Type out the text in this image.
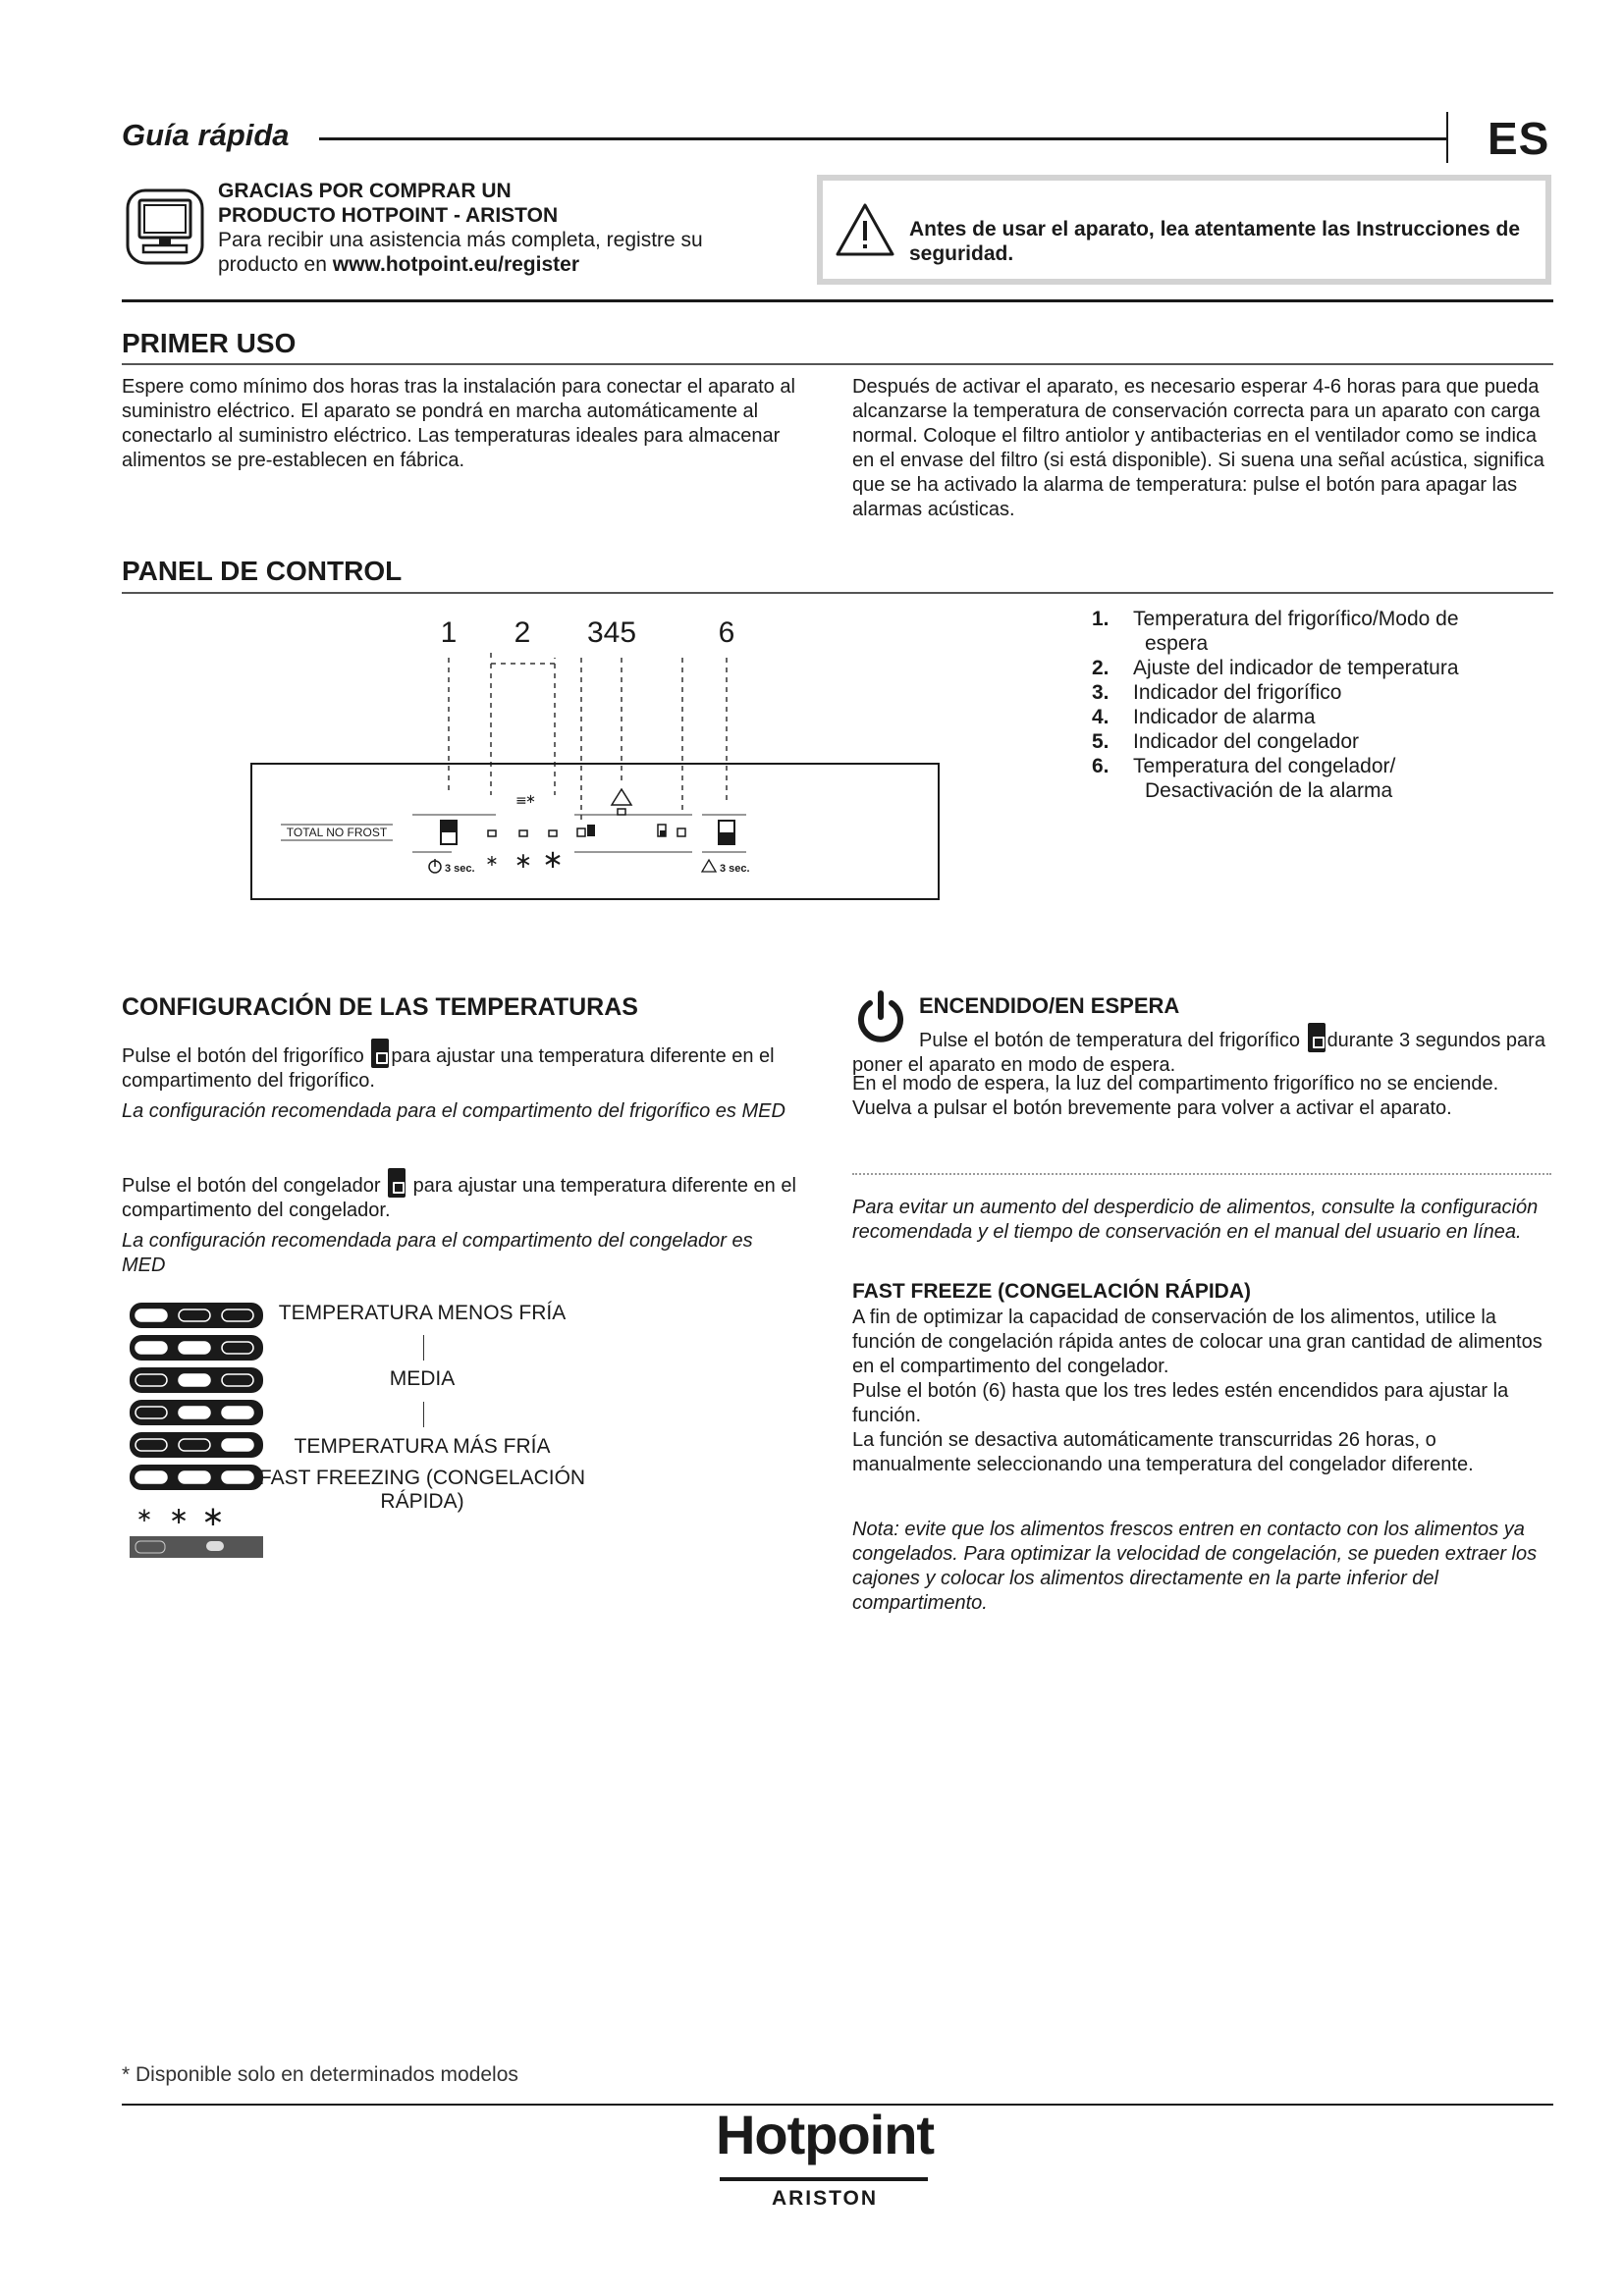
Guía rápida	ES
GRACIAS POR COMPRAR UN
PRODUCTO HOTPOINT - ARISTON
Para recibir una asistencia más completa, registre su
producto en www.hotpoint.eu/register
Antes de usar el aparato, lea atentamente las Instrucciones de seguridad.
PRIMER USO
Espere como mínimo dos horas tras la instalación para conectar el aparato al suministro eléctrico. El aparato se pondrá en marcha automáticamente al conectarlo al suministro eléctrico. Las temperaturas ideales para almacenar alimentos se pre-establecen en fábrica.
Después de activar el aparato, es necesario esperar 4-6 horas para que pueda alcanzarse la temperatura de conservación correcta para un aparato con carga normal. Coloque el filtro antiolor y antibacterias en el ventilador como se indica en el envase del filtro (si está disponible). Si suena una señal acústica, significa que se ha activado la alarma de temperatura: pulse el botón para apagar las alarmas acústicas.
PANEL DE CONTROL
1 2 345	6
TOTAL NO FROST
∗ ∗ ∗
≡
∗
3 sec.	3 sec.
1. Temperatura del frigorífico/Modo de
espera
2. Ajuste del indicador de temperatura
3. Indicador del frigorífico
4. Indicador de alarma
5. Indicador del congelador
6. Temperatura del congelador/
Desactivación de la alarma
CONFIGURACIÓN DE LAS TEMPERATURAS
Pulse el botón del frigorífico para ajustar una temperatura diferente en el compartimento del frigorífico.
La configuración recomendada para el compartimento del frigorífico es MED
Pulse el botón del congelador  para ajustar una temperatura diferente en el compartimento del congelador.
La configuración recomendada para el compartimento del congelador es MED
∗ ∗ ∗
TEMPERATURA MENOS FRÍA
MEDIA
TEMPERATURA MÁS FRÍA
FAST FREEZING (CONGELACIÓN RÁPIDA)
ENCENDIDO/EN ESPERA
Pulse el botón de temperatura del frigorífico durante 3 segundos para poner el aparato en modo de espera.
En el modo de espera, la luz del compartimento frigorífico no se enciende. Vuelva a pulsar el botón brevemente para volver a activar el aparato.
Para evitar un aumento del desperdicio de alimentos, consulte la configuración recomendada y el tiempo de conservación en el manual del usuario en línea.
FAST FREEZE (CONGELACIÓN RÁPIDA)
A fin de optimizar la capacidad de conservación de los alimentos, utilice la función de congelación rápida antes de colocar una gran cantidad de alimentos en el compartimento del congelador.
Pulse el botón (6) hasta que los tres ledes estén encendidos para ajustar la función.
La función se desactiva automáticamente transcurridas 26 horas, o manualmente seleccionando una temperatura del congelador diferente.
Nota: evite que los alimentos frescos entren en contacto con los alimentos ya congelados. Para optimizar la velocidad de congelación, se pueden extraer los cajones y colocar los alimentos directamente en la parte inferior del compartimento.
* Disponible solo en determinados modelos
Hotpoint
ARISTON
